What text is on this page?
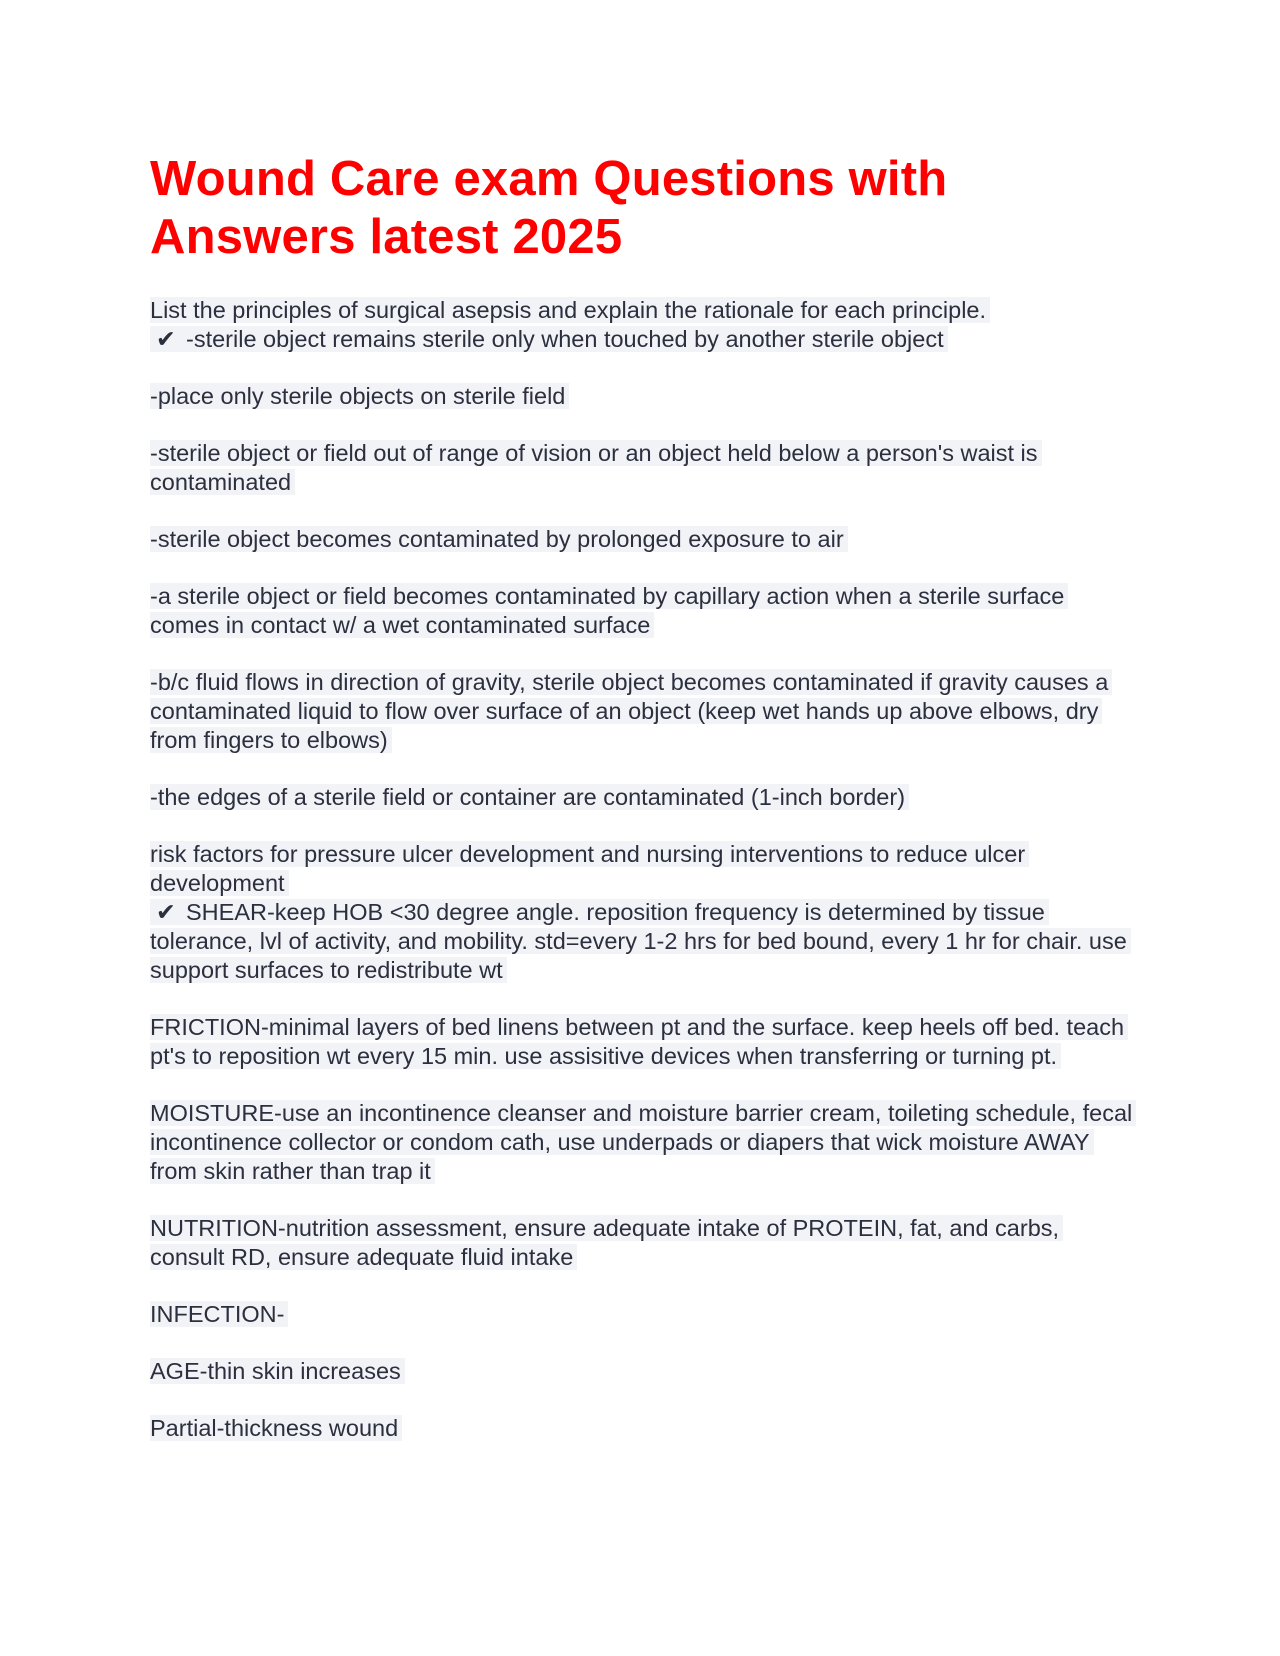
Wound Care exam Questions with Answers latest 2025
List the principles of surgical asepsis and explain the rationale for each principle.
✔ -sterile object remains sterile only when touched by another sterile object
-place only sterile objects on sterile field
-sterile object or field out of range of vision or an object held below a person's waist is contaminated
-sterile object becomes contaminated by prolonged exposure to air
-a sterile object or field becomes contaminated by capillary action when a sterile surface comes in contact w/ a wet contaminated surface
-b/c fluid flows in direction of gravity, sterile object becomes contaminated if gravity causes a contaminated liquid to flow over surface of an object (keep wet hands up above elbows, dry from fingers to elbows)
-the edges of a sterile field or container are contaminated (1-inch border)
risk factors for pressure ulcer development and nursing interventions to reduce ulcer development
✔ SHEAR-keep HOB <30 degree angle. reposition frequency is determined by tissue tolerance, lvl of activity, and mobility. std=every 1-2 hrs for bed bound, every 1 hr for chair. use support surfaces to redistribute wt
FRICTION-minimal layers of bed linens between pt and the surface. keep heels off bed. teach pt's to reposition wt every 15 min. use assisitive devices when transferring or turning pt.
MOISTURE-use an incontinence cleanser and moisture barrier cream, toileting schedule, fecal incontinence collector or condom cath, use underpads or diapers that wick moisture AWAY from skin rather than trap it
NUTRITION-nutrition assessment, ensure adequate intake of PROTEIN, fat, and carbs, consult RD, ensure adequate fluid intake
INFECTION-
AGE-thin skin increases
Partial-thickness wound
